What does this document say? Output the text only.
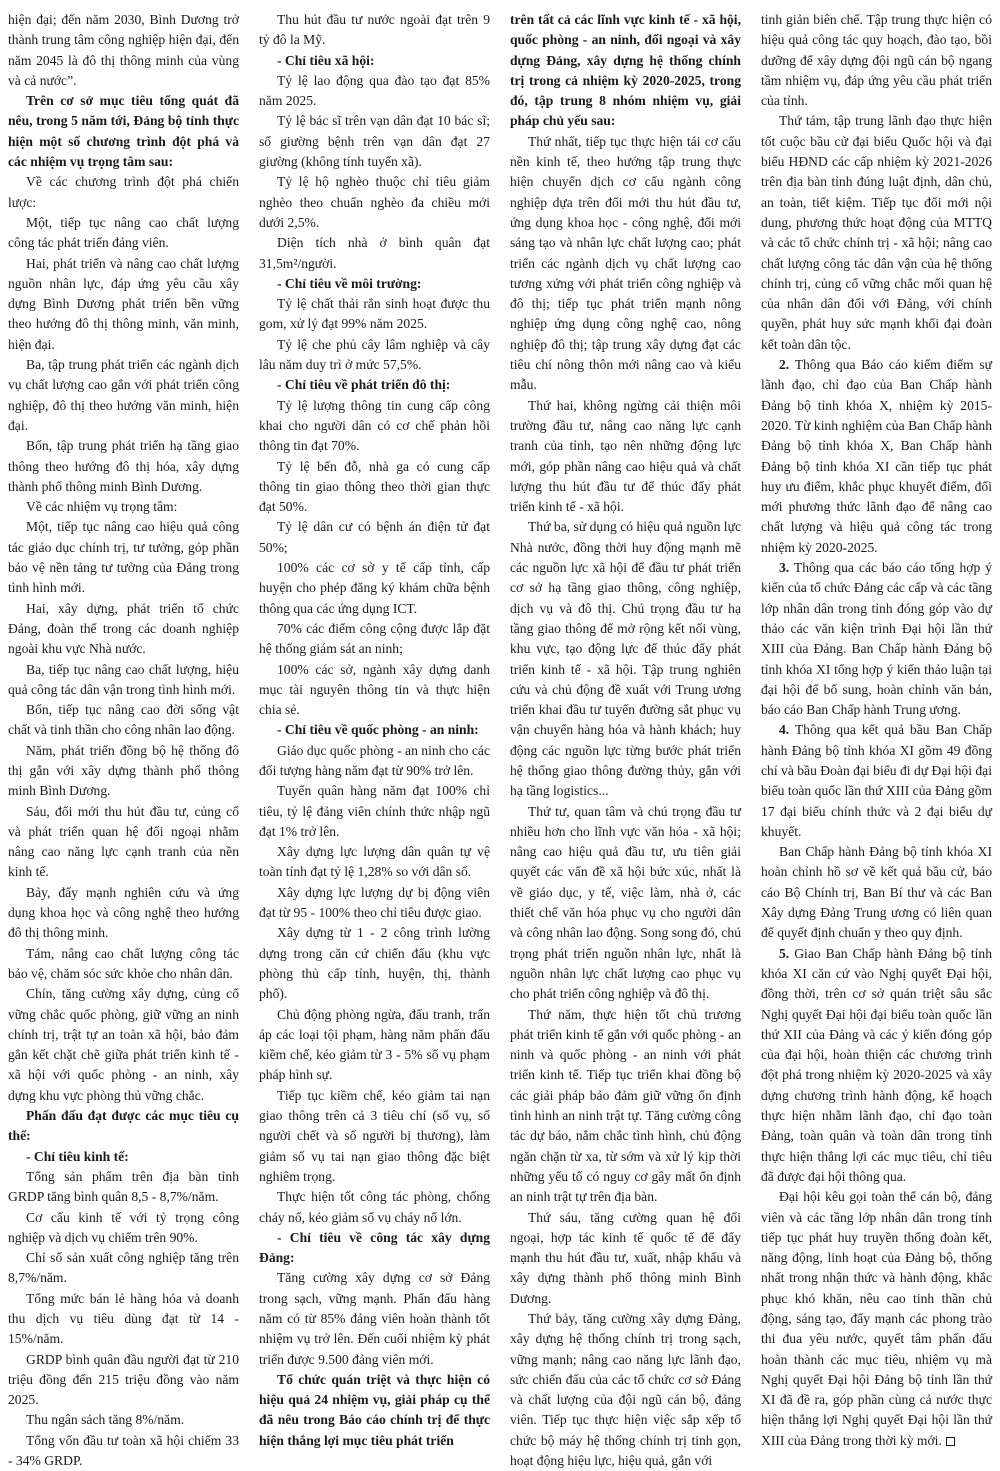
hiện đại; đến năm 2030, Bình Dương trở thành trung tâm công nghiệp hiện đại, đến năm 2045 là đô thị thông minh của vùng và cả nước”.

Trên cơ sở mục tiêu tổng quát đã nêu, trong 5 năm tới, Đảng bộ tỉnh thực hiện một số chương trình đột phá và các nhiệm vụ trọng tâm sau:

Về các chương trình đột phá chiến lược:

Một, tiếp tục nâng cao chất lượng công tác phát triển đảng viên.

Hai, phát triển và nâng cao chất lượng nguồn nhân lực, đáp ứng yêu cầu xây dựng Bình Dương phát triển bền vững theo hướng đô thị thông minh, văn minh, hiện đại.

Ba, tập trung phát triển các ngành dịch vụ chất lượng cao gắn với phát triển công nghiệp, đô thị theo hướng văn minh, hiện đại.

Bốn, tập trung phát triển hạ tầng giao thông theo hướng đô thị hóa, xây dựng thành phố thông minh Bình Dương.

Về các nhiệm vụ trọng tâm:

Một, tiếp tục nâng cao hiệu quả công tác giáo dục chính trị, tư tưởng, góp phần bảo vệ nền tảng tư tưởng của Đảng trong tình hình mới.

Hai, xây dựng, phát triển tổ chức Đảng, đoàn thể trong các doanh nghiệp ngoài khu vực Nhà nước.

Ba, tiếp tục nâng cao chất lượng, hiệu quả công tác dân vận trong tình hình mới.

Bốn, tiếp tục nâng cao đời sống vật chất và tinh thần cho công nhân lao động.

Năm, phát triển đồng bộ hệ thống đô thị gắn với xây dựng thành phố thông minh Bình Dương.

Sáu, đổi mới thu hút đầu tư, củng cố và phát triển quan hệ đối ngoại nhằm nâng cao năng lực cạnh tranh của nền kinh tế.

Bảy, đẩy mạnh nghiên cứu và ứng dụng khoa học và công nghệ theo hướng đô thị thông minh.

Tám, nâng cao chất lượng công tác bảo vệ, chăm sóc sức khỏe cho nhân dân.

Chín, tăng cường xây dựng, củng cố vững chắc quốc phòng, giữ vững an ninh chính trị, trật tự an toàn xã hội, bảo đảm gắn kết chặt chẽ giữa phát triển kinh tế - xã hội với quốc phòng - an ninh, xây dựng khu vực phòng thủ vững chắc.

Phấn đấu đạt được các mục tiêu cụ thể:

- Chỉ tiêu kinh tế:

Tổng sản phẩm trên địa bàn tỉnh GRDP tăng bình quân 8,5 - 8,7%/năm.

Cơ cấu kinh tế với tỷ trọng công nghiệp và dịch vụ chiếm trên 90%.

Chỉ số sản xuất công nghiệp tăng trên 8,7%/năm.

Tổng mức bán lẻ hàng hóa và doanh thu dịch vụ tiêu dùng đạt từ 14 - 15%/năm.

GRDP bình quân đầu người đạt từ 210 triệu đồng đến 215 triệu đồng vào năm 2025.

Thu ngân sách tăng 8%/năm.

Tổng vốn đầu tư toàn xã hội chiếm 33 - 34% GRDP.

Thu hút đầu tư nước ngoài đạt trên 9 tỷ đô la Mỹ.

- Chỉ tiêu xã hội:

Tỷ lệ lao động qua đào tạo đạt 85% năm 2025.

Tỷ lệ bác sĩ trên vạn dân đạt 10 bác sĩ; số giường bệnh trên vạn dân đạt 27 giường (không tính tuyến xã).

Tỷ lệ hộ nghèo thuộc chỉ tiêu giảm nghèo theo chuẩn nghèo đa chiều mới dưới 2,5%.

Diện tích nhà ở bình quân đạt 31,5m²/người.

- Chỉ tiêu về môi trường:

Tỷ lệ chất thải rắn sinh hoạt được thu gom, xử lý đạt 99% năm 2025.

Tỷ lệ che phủ cây lâm nghiệp và cây lâu năm duy trì ở mức 57,5%.

- Chỉ tiêu về phát triển đô thị:

Tỷ lệ lượng thông tin cung cấp công khai cho người dân có cơ chế phản hồi thông tin đạt 70%.

Tỷ lệ bến đỗ, nhà ga có cung cấp thông tin giao thông theo thời gian thực đạt 50%.

Tỷ lệ dân cư có bệnh án điện tử đạt 50%;

100% các cơ sở y tế cấp tỉnh, cấp huyện cho phép đăng ký khám chữa bệnh thông qua các ứng dụng ICT.

70% các điểm công cộng được lắp đặt hệ thống giám sát an ninh;

100% các sở, ngành xây dựng danh mục tài nguyên thông tin và thực hiện chia sẻ.

- Chỉ tiêu về quốc phòng - an ninh:

Giáo dục quốc phòng - an ninh cho các đối tượng hàng năm đạt từ 90% trở lên.

Tuyển quân hàng năm đạt 100% chỉ tiêu, tỷ lệ đảng viên chính thức nhập ngũ đạt 1% trở lên.

Xây dựng lực lượng dân quân tự vệ toàn tỉnh đạt tỷ lệ 1,28% so với dân số.

Xây dựng lực lượng dự bị động viên đạt từ 95 - 100% theo chỉ tiêu được giao.

Xây dựng từ 1 - 2 công trình lường dựng trong căn cứ chiến đấu (khu vực phòng thủ cấp tỉnh, huyện, thị, thành phố).

Chủ động phòng ngừa, đấu tranh, trấn áp các loại tội phạm, hàng năm phấn đấu kiềm chế, kéo giảm từ 3 - 5% số vụ phạm pháp hình sự.

Tiếp tục kiềm chế, kéo giảm tai nạn giao thông trên cả 3 tiêu chí (số vụ, số người chết và số người bị thương), làm giảm số vụ tai nạn giao thông đặc biệt nghiêm trọng.

Thực hiện tốt công tác phòng, chống cháy nổ, kéo giảm số vụ cháy nổ lớn.

- Chỉ tiêu về công tác xây dựng Đảng:

Tăng cường xây dựng cơ sở Đảng trong sạch, vững mạnh. Phấn đấu hàng năm có từ 85% đảng viên hoàn thành tốt nhiệm vụ trở lên. Đến cuối nhiệm kỳ phát triển được 9.500 đảng viên mới.

Tổ chức quán triệt và thực hiện có hiệu quả 24 nhiệm vụ, giải pháp cụ thể đã nêu trong Báo cáo chính trị để thực hiện thắng lợi mục tiêu phát triển

trên tất cả các lĩnh vực kinh tế - xã hội, quốc phòng - an ninh, đối ngoại và xây dựng Đảng, xây dựng hệ thống chính trị trong cả nhiệm kỳ 2020-2025, trong đó, tập trung 8 nhóm nhiệm vụ, giải pháp chủ yếu sau:

Thứ nhất, tiếp tục thực hiện tái cơ cấu nền kinh tế, theo hướng tập trung thực hiện chuyển dịch cơ cấu ngành công nghiệp dựa trên đổi mới thu hút đầu tư, ứng dụng khoa học - công nghệ, đổi mới sáng tạo và nhân lực chất lượng cao; phát triển các ngành dịch vụ chất lượng cao tương xứng với phát triển công nghiệp và đô thị; tiếp tục phát triển mạnh nông nghiệp ứng dụng công nghệ cao, nông nghiệp đô thị; tập trung xây dựng đạt các tiêu chí nông thôn mới nâng cao và kiểu mẫu.

Thứ hai, không ngừng cải thiện môi trường đầu tư, nâng cao năng lực cạnh tranh của tỉnh, tạo nên những động lực mới, góp phần nâng cao hiệu quả và chất lượng thu hút đầu tư để thúc đẩy phát triển kinh tế - xã hội.

Thứ ba, sử dụng có hiệu quả nguồn lực Nhà nước, đồng thời huy động mạnh mẽ các nguồn lực xã hội để đầu tư phát triển cơ sở hạ tầng giao thông, công nghiệp, dịch vụ và đô thị. Chú trọng đầu tư hạ tầng giao thông để mở rộng kết nối vùng, khu vực, tạo động lực để thúc đẩy phát triển kinh tế - xã hội. Tập trung nghiên cứu và chủ động đề xuất với Trung ương triển khai đầu tư tuyến đường sắt phục vụ vận chuyển hàng hóa và hành khách; huy động các nguồn lực từng bước phát triển hệ thống giao thông đường thủy, gắn với hạ tầng logistics...

Thứ tư, quan tâm và chú trọng đầu tư nhiều hơn cho lĩnh vực văn hóa - xã hội; nâng cao hiệu quả đầu tư, ưu tiên giải quyết các vấn đề xã hội bức xúc, nhất là về giáo dục, y tế, việc làm, nhà ở, các thiết chế văn hóa phục vụ cho người dân và công nhân lao động. Song song đó, chú trọng phát triển nguồn nhân lực, nhất là nguồn nhân lực chất lượng cao phục vụ cho phát triển công nghiệp và đô thị.

Thứ năm, thực hiện tốt chủ trương phát triển kinh tế gắn với quốc phòng - an ninh và quốc phòng - an ninh với phát triển kinh tế. Tiếp tục triển khai đồng bộ các giải pháp bảo đảm giữ vững ổn định tình hình an ninh trật tự. Tăng cường công tác dự báo, nắm chắc tình hình, chủ động ngăn chặn từ xa, từ sớm và xử lý kịp thời những yếu tố có nguy cơ gây mất ổn định an ninh trật tự trên địa bàn.

Thứ sáu, tăng cường quan hệ đối ngoại, hợp tác kinh tế quốc tế để đẩy mạnh thu hút đầu tư, xuất, nhập khẩu và xây dựng thành phố thông minh Bình Dương.

Thứ bảy, tăng cường xây dựng Đảng, xây dựng hệ thống chính trị trong sạch, vững mạnh; nâng cao năng lực lãnh đạo, sức chiến đấu của các tổ chức cơ sở Đảng và chất lượng của đội ngũ cán bộ, đảng viên. Tiếp tục thực hiện việc sắp xếp tổ chức bộ máy hệ thống chính trị tinh gọn, hoạt động hiệu lực, hiệu quả, gắn với

tinh giản biên chế. Tập trung thực hiện có hiệu quả công tác quy hoạch, đào tạo, bồi dưỡng để xây dựng đội ngũ cán bộ ngang tầm nhiệm vụ, đáp ứng yêu cầu phát triển của tỉnh.

Thứ tám, tập trung lãnh đạo thực hiện tốt cuộc bầu cử đại biểu Quốc hội và đại biểu HĐND các cấp nhiệm kỳ 2021-2026 trên địa bàn tỉnh đúng luật định, dân chủ, an toàn, tiết kiệm. Tiếp tục đổi mới nội dung, phương thức hoạt động của MTTQ và các tổ chức chính trị - xã hội; nâng cao chất lượng công tác dân vận của hệ thống chính trị, củng cố vững chắc mối quan hệ của nhân dân đối với Đảng, với chính quyền, phát huy sức mạnh khối đại đoàn kết toàn dân tộc.

2. Thông qua Báo cáo kiểm điểm sự lãnh đạo, chỉ đạo của Ban Chấp hành Đảng bộ tỉnh khóa X, nhiệm kỳ 2015-2020. Từ kinh nghiệm của Ban Chấp hành Đảng bộ tỉnh khóa X, Ban Chấp hành Đảng bộ tỉnh khóa XI cần tiếp tục phát huy ưu điểm, khắc phục khuyết điểm, đổi mới phương thức lãnh đạo để nâng cao chất lượng và hiệu quả công tác trong nhiệm kỳ 2020-2025.

3. Thông qua các báo cáo tổng hợp ý kiến của tổ chức Đảng các cấp và các tầng lớp nhân dân trong tỉnh đóng góp vào dự thảo các văn kiện trình Đại hội lần thứ XIII của Đảng. Ban Chấp hành Đảng bộ tỉnh khóa XI tổng hợp ý kiến thảo luận tại đại hội để bổ sung, hoàn chỉnh văn bản, báo cáo Ban Chấp hành Trung ương.

4. Thông qua kết quả bầu Ban Chấp hành Đảng bộ tỉnh khóa XI gồm 49 đồng chí và bầu Đoàn đại biểu đi dự Đại hội đại biểu toàn quốc lần thứ XIII của Đảng gồm 17 đại biểu chính thức và 2 đại biểu dự khuyết.

Ban Chấp hành Đảng bộ tỉnh khóa XI hoàn chỉnh hồ sơ về kết quả bầu cử, báo cáo Bộ Chính trị, Ban Bí thư và các Ban Xây dựng Đảng Trung ương có liên quan để quyết định chuẩn y theo quy định.

5. Giao Ban Chấp hành Đảng bộ tỉnh khóa XI căn cứ vào Nghị quyết Đại hội, đồng thời, trên cơ sở quán triệt sâu sắc Nghị quyết Đại hội đại biểu toàn quốc lần thứ XII của Đảng và các ý kiến đóng góp của đại hội, hoàn thiện các chương trình đột phá trong nhiệm kỳ 2020-2025 và xây dựng chương trình hành động, kế hoạch thực hiện nhằm lãnh đạo, chỉ đạo toàn Đảng, toàn quân và toàn dân trong tỉnh thực hiện thắng lợi các mục tiêu, chỉ tiêu đã được đại hội thông qua.

Đại hội kêu gọi toàn thể cán bộ, đảng viên và các tầng lớp nhân dân trong tỉnh tiếp tục phát huy truyền thống đoàn kết, năng động, linh hoạt của Đảng bộ, thống nhất trong nhận thức và hành động, khắc phục khó khăn, nêu cao tinh thần chủ động, sáng tạo, đẩy mạnh các phong trào thi đua yêu nước, quyết tâm phấn đấu hoàn thành các mục tiêu, nhiệm vụ mà Nghị quyết Đại hội Đảng bộ tỉnh lần thứ XI đã đề ra, góp phần cùng cả nước thực hiện thắng lợi Nghị quyết Đại hội lần thứ XIII của Đảng trong thời kỳ mới.
